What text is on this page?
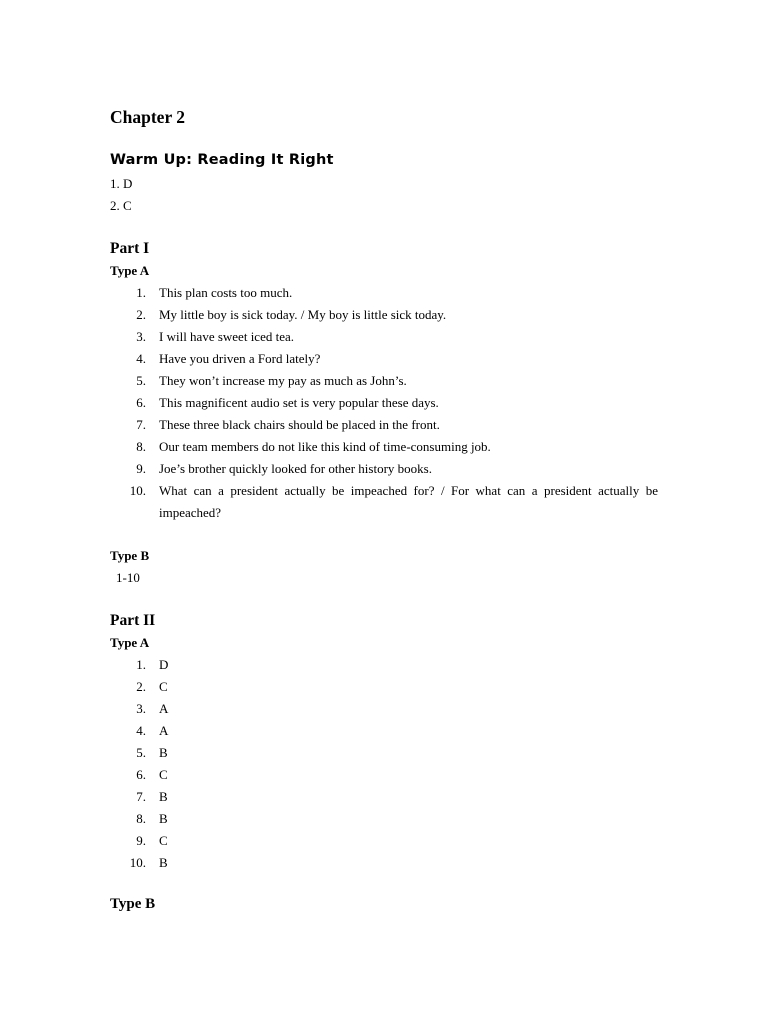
Chapter 2
Warm Up: Reading It Right

1. D

2. C

Part I
Type A
1. This plan costs too much.
2. My little boy is sick today. / My boy is little sick today.
3. I will have sweet iced tea.
4. Have you driven a Ford lately?
5. They won’t increase my pay as much as John’s.
6. This magnificent audio set is very popular these days.
7. These three black chairs should be placed in the front.
8. Our team members do not like this kind of time-consuming job.
9. Joe’s brother quickly looked for other history books.
10. What can a president actually be impeached for? / For what can a president actually be impeached?
Type B

1-10

Part II
Type A
1. D
2. C
3. A
4. A
5. B
6. C
7. B
8. B
9. C
10. B
Type B
